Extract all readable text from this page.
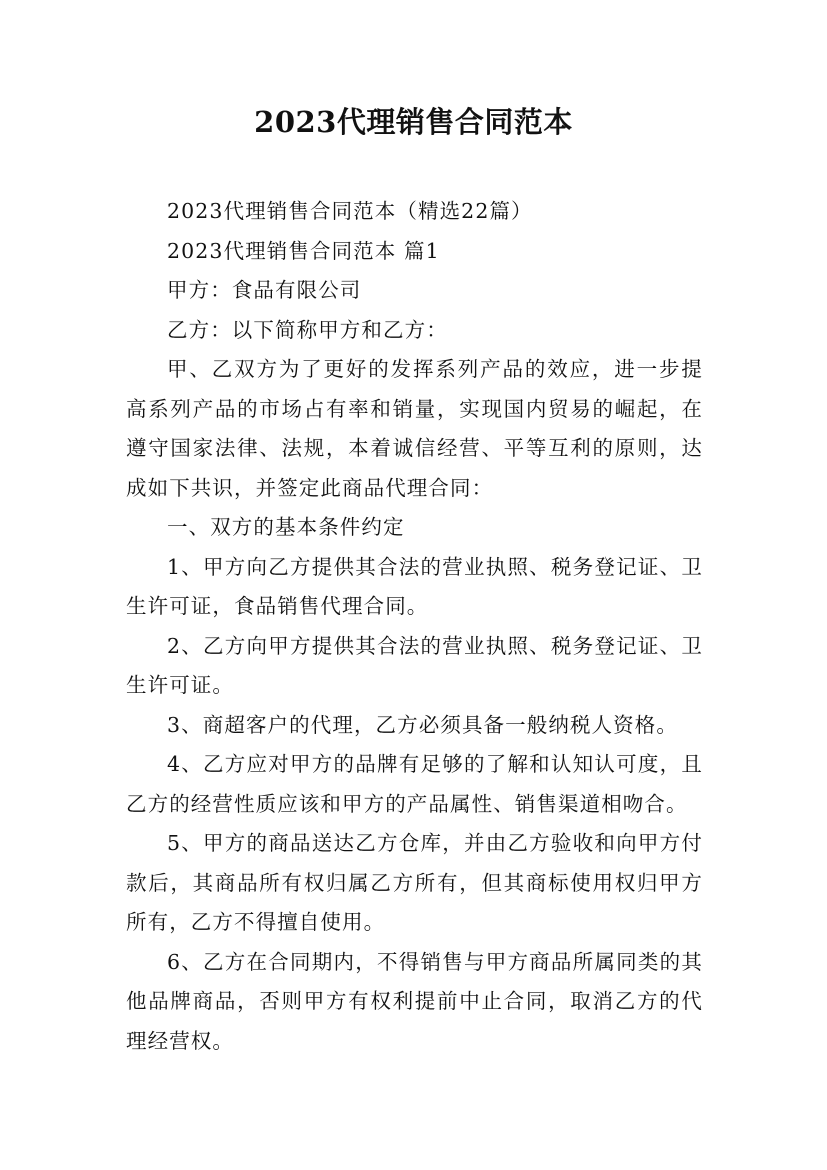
2023代理销售合同范本

2023代理销售合同范本（精选22篇）

2023代理销售合同范本 篇1

甲方：食品有限公司

乙方：以下简称甲方和乙方：

甲、乙双方为了更好的发挥系列产品的效应，进一步提高系列产品的市场占有率和销量，实现国内贸易的崛起，在遵守国家法律、法规，本着诚信经营、平等互利的原则，达成如下共识，并签定此商品代理合同：

一、双方的基本条件约定

1、甲方向乙方提供其合法的营业执照、税务登记证、卫生许可证，食品销售代理合同。

2、乙方向甲方提供其合法的营业执照、税务登记证、卫生许可证。

3、商超客户的代理，乙方必须具备一般纳税人资格。

4、乙方应对甲方的品牌有足够的了解和认知认可度，且乙方的经营性质应该和甲方的产品属性、销售渠道相吻合。

5、甲方的商品送达乙方仓库，并由乙方验收和向甲方付款后，其商品所有权归属乙方所有，但其商标使用权归甲方所有，乙方不得擅自使用。

6、乙方在合同期内，不得销售与甲方商品所属同类的其他品牌商品，否则甲方有权利提前中止合同，取消乙方的代理经营权。
